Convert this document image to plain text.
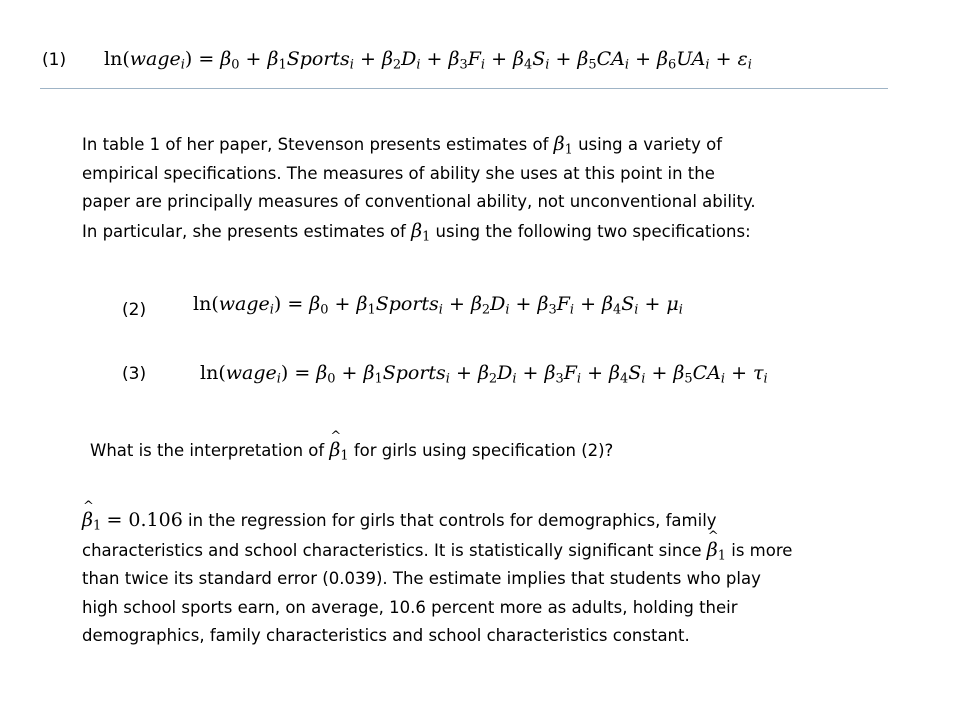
(1) ln(wage$_i$) = $\beta_0$ + $\beta_1Sports_i + \beta_2D_i + \beta_3F_i + \beta_4S_i + \beta_5CA_i + \beta_6UA_i + \varepsilon_i$
In table 1 of her paper, Stevenson presents estimates of $\beta_1$ using a variety of
empirical specifications. The measures of ability she uses at this point in the
paper are principally measures of conventional ability, not unconventional ability.
In particular, she presents estimates of $\beta_1$ using the following two specifications:
(2) ln(wage$_i$) = $\beta_0$ + $\beta_1Sports_i + \beta_2D_i + \beta_3F_i + \beta_4S_i + \mu_i$
(3)	ln(wage$_i$) = $\beta_0$ + $\beta_1Sports_i + \beta_2D_i + \beta_3F_i + \beta_4S_i + \beta_5CA_i + \tau_i$
What is the interpretation of ^ $\beta_1$ for girls using specification (2)?
^ $\beta_1 = 0.106$ in the regression for girls that controls for demographics, family
characteristics and school characteristics. It is statistically significant since ^ $\beta_1$ is more
than twice its standard error (0.039). The estimate implies that students who play
high school sports earn, on average, 10.6 percent more as adults, holding their
demographics, family characteristics and school characteristics constant.
